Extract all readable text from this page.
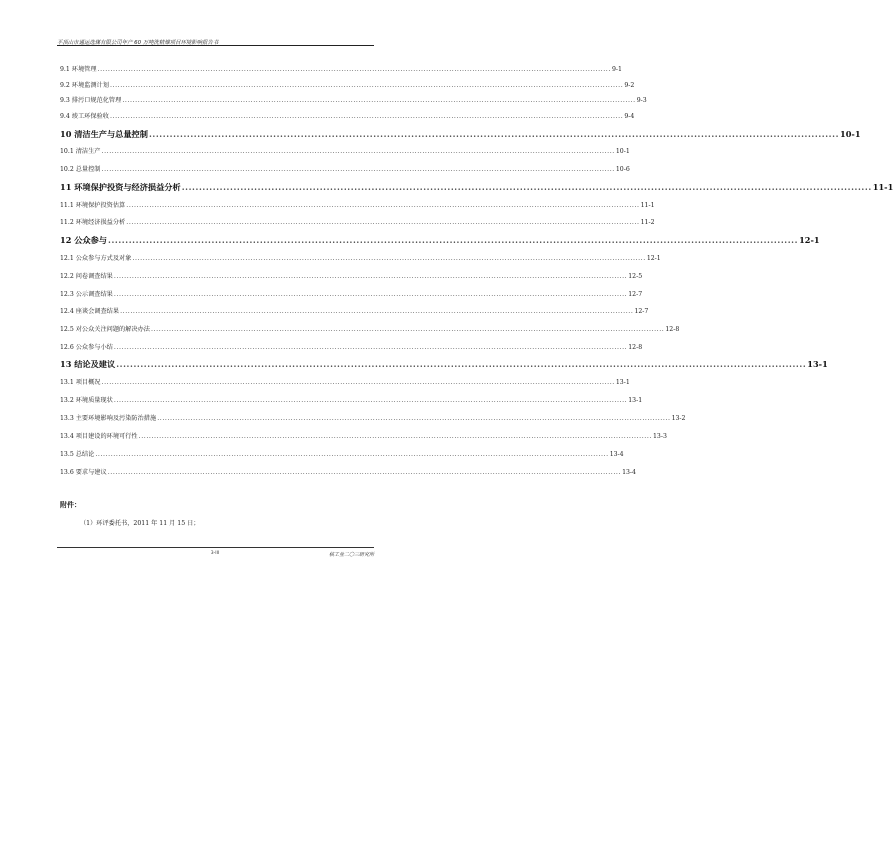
平顶山市通运选煤有限公司年产 60 万吨洗精煤项目环境影响报告书
9.1 环境管理 ........................................................................................................................................................................................................ 9-1
9.2 环境监测计划 ........................................................................................................................................................................................................ 9-2
9.3 排污口规范化管理 ........................................................................................................................................................................................................ 9-3
9.4 竣工环保验收 ........................................................................................................................................................................................................ 9-4
10 清洁生产与总量控制 ........................................................................................................................................................................................................ 10-1
10.1 清洁生产 ........................................................................................................................................................................................................ 10-1
10.2 总量控制 ........................................................................................................................................................................................................ 10-6
11 环境保护投资与经济损益分析 ........................................................................................................................................................................................................ 11-1
11.1 环境保护投资估算 ........................................................................................................................................................................................................ 11-1
11.2 环境经济损益分析 ........................................................................................................................................................................................................ 11-2
12 公众参与 ........................................................................................................................................................................................................ 12-1
12.1 公众参与方式及对象 ........................................................................................................................................................................................................ 12-1
12.2 问卷调查结果 ........................................................................................................................................................................................................ 12-5
12.3 公示调查结果 ........................................................................................................................................................................................................ 12-7
12.4 座谈会调查结果 ........................................................................................................................................................................................................ 12-7
12.5 对公众关注问题的解决办法 ........................................................................................................................................................................................................ 12-8
12.6 公众参与小结 ........................................................................................................................................................................................................ 12-8
13 结论及建议 ........................................................................................................................................................................................................ 13-1
13.1 项目概况 ........................................................................................................................................................................................................ 13-1
13.2 环境质量现状 ........................................................................................................................................................................................................ 13-1
13.3 主要环境影响及污染防治措施 ........................................................................................................................................................................................................ 13-2
13.4 项目建设的环境可行性 ........................................................................................................................................................................................................ 13-3
13.5 总结论 ........................................................................................................................................................................................................ 13-4
13.6 要求与建议 ........................................................................................................................................................................................................ 13-4
附件：
（1）环评委托书，2011 年 11 月 15 日；
3-III	核工业二〇三研究所
